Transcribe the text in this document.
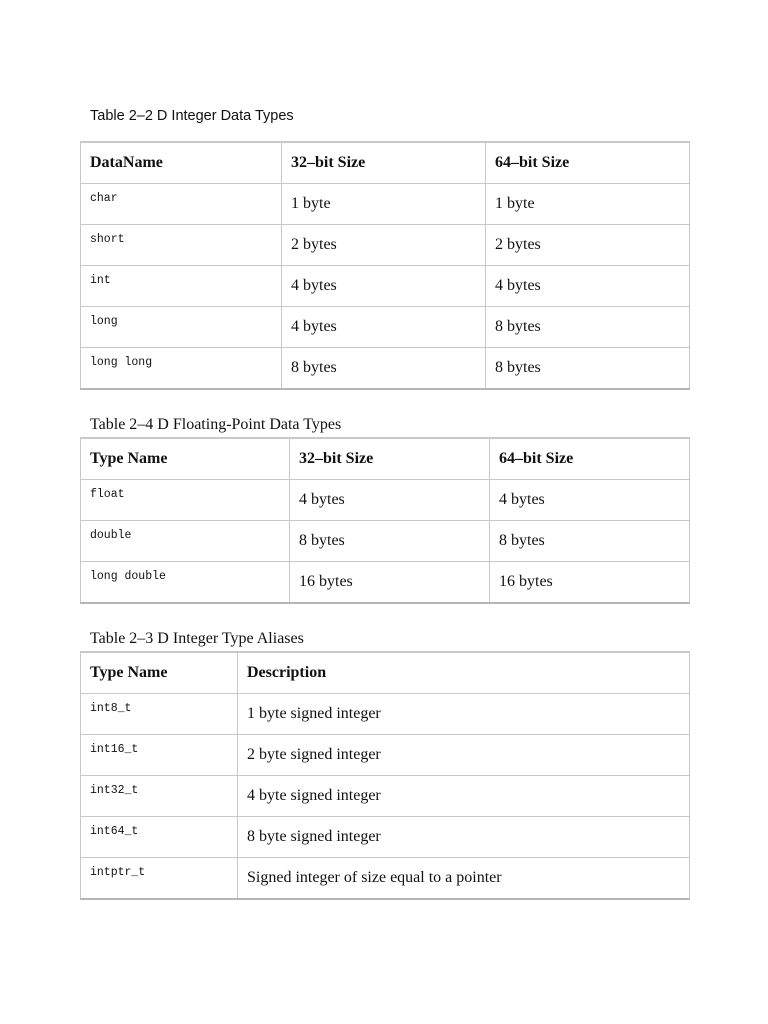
Table 2–2 D Integer Data Types

DataName	32–bit Size	64–bit Size
char	1 byte	1 byte
short	2 bytes	2 bytes
int	4 bytes	4 bytes
long	4 bytes	8 bytes
long long	8 bytes	8 bytes

Table 2–4 D Floating-Point Data Types

Type Name	32–bit Size	64–bit Size
float	4 bytes	4 bytes
double	8 bytes	8 bytes
long double	16 bytes	16 bytes

Table 2–3 D Integer Type Aliases

Type Name	Description
int8_t	1 byte signed integer
int16_t	2 byte signed integer
int32_t	4 byte signed integer
int64_t	8 byte signed integer
intptr_t	Signed integer of size equal to a pointer
